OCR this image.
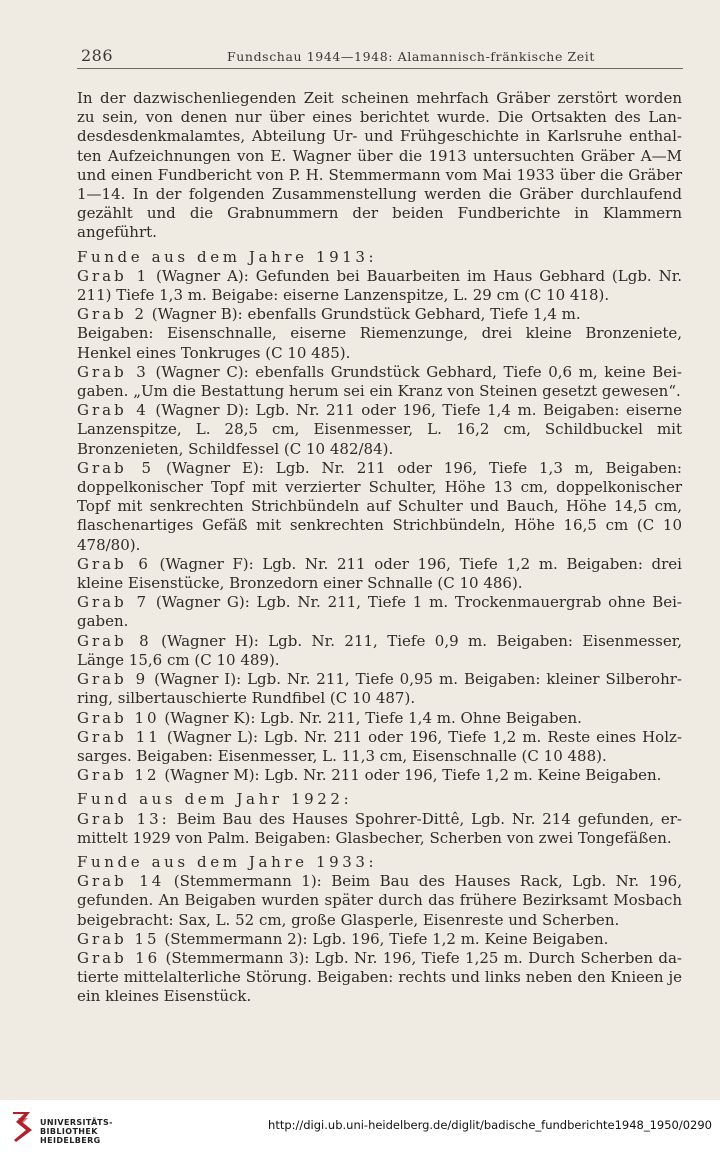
286	Fundschau 1944—1948: Alamannisch-fränkische Zeit

In der dazwischenliegenden Zeit scheinen mehrfach Gräber zerstört worden zu sein, von denen nur über eines berichtet wurde. Die Ortsakten des Landesdesdenkmalamtes, Abteilung Ur- und Frühgeschichte in Karlsruhe enthalten Aufzeichnungen von E. Wagner über die 1913 untersuchten Gräber A—M und einen Fundbericht von P. H. Stemmermann vom Mai 1933 über die Gräber 1—14. In der folgenden Zusammenstellung werden die Gräber durchlaufend gezählt und die Grabnummern der beiden Fundberichte in Klammern angeführt.

Funde aus dem Jahre 1913:

Grab 1 (Wagner A): Gefunden bei Bauarbeiten im Haus Gebhard (Lgb. Nr. 211) Tiefe 1,3 m. Beigabe: eiserne Lanzenspitze, L. 29 cm (C 10 418).

Grab 2 (Wagner B): ebenfalls Grundstück Gebhard, Tiefe 1,4 m.

Beigaben: Eisenschnalle, eiserne Riemenzunge, drei kleine Bronzeniete, Henkel eines Tonkruges (C 10 485).

Grab 3 (Wagner C): ebenfalls Grundstück Gebhard, Tiefe 0,6 m, keine Beigaben. „Um die Bestattung herum sei ein Kranz von Steinen gesetzt gewesen“.

Grab 4 (Wagner D): Lgb. Nr. 211 oder 196, Tiefe 1,4 m. Beigaben: eiserne Lanzenspitze, L. 28,5 cm, Eisenmesser, L. 16,2 cm, Schildbuckel mit Bronzenieten, Schildfessel (C 10 482/84).

Grab 5 (Wagner E): Lgb. Nr. 211 oder 196, Tiefe 1,3 m, Beigaben: doppelkonischer Topf mit verzierter Schulter, Höhe 13 cm, doppelkonischer Topf mit senkrechten Strichbündeln auf Schulter und Bauch, Höhe 14,5 cm, flaschenartiges Gefäß mit senkrechten Strichbündeln, Höhe 16,5 cm (C 10 478/80).

Grab 6 (Wagner F): Lgb. Nr. 211 oder 196, Tiefe 1,2 m. Beigaben: drei kleine Eisenstücke, Bronzedorn einer Schnalle (C 10 486).

Grab 7 (Wagner G): Lgb. Nr. 211, Tiefe 1 m. Trockenmauergrab ohne Beigaben.

Grab 8 (Wagner H): Lgb. Nr. 211, Tiefe 0,9 m. Beigaben: Eisenmesser, Länge 15,6 cm (C 10 489).

Grab 9 (Wagner I): Lgb. Nr. 211, Tiefe 0,95 m. Beigaben: kleiner Silberohrring, silbertauschierte Rundfibel (C 10 487).

Grab 10 (Wagner K): Lgb. Nr. 211, Tiefe 1,4 m. Ohne Beigaben.

Grab 11 (Wagner L): Lgb. Nr. 211 oder 196, Tiefe 1,2 m. Reste eines Holzsarges. Beigaben: Eisenmesser, L. 11,3 cm, Eisenschnalle (C 10 488).

Grab 12 (Wagner M): Lgb. Nr. 211 oder 196, Tiefe 1,2 m. Keine Beigaben.

Fund aus dem Jahr 1922:

Grab 13: Beim Bau des Hauses Spohrer-Dittê, Lgb. Nr. 214 gefunden, ermittelt 1929 von Palm. Beigaben: Glasbecher, Scherben von zwei Tongefäßen.

Funde aus dem Jahre 1933:

Grab 14 (Stemmermann 1): Beim Bau des Hauses Rack, Lgb. Nr. 196, gefunden. An Beigaben wurden später durch das frühere Bezirksamt Mosbach beigebracht: Sax, L. 52 cm, große Glasperle, Eisenreste und Scherben.

Grab 15 (Stemmermann 2): Lgb. 196, Tiefe 1,2 m. Keine Beigaben.

Grab 16 (Stemmermann 3): Lgb. Nr. 196, Tiefe 1,25 m. Durch Scherben datierte mittelalterliche Störung. Beigaben: rechts und links neben den Knieen je ein kleines Eisenstück.

UNIVERSITÄTS-
BIBLIOTHEK
HEIDELBERG
http://digi.ub.uni-heidelberg.de/diglit/badische_fundberichte1948_1950/0290
